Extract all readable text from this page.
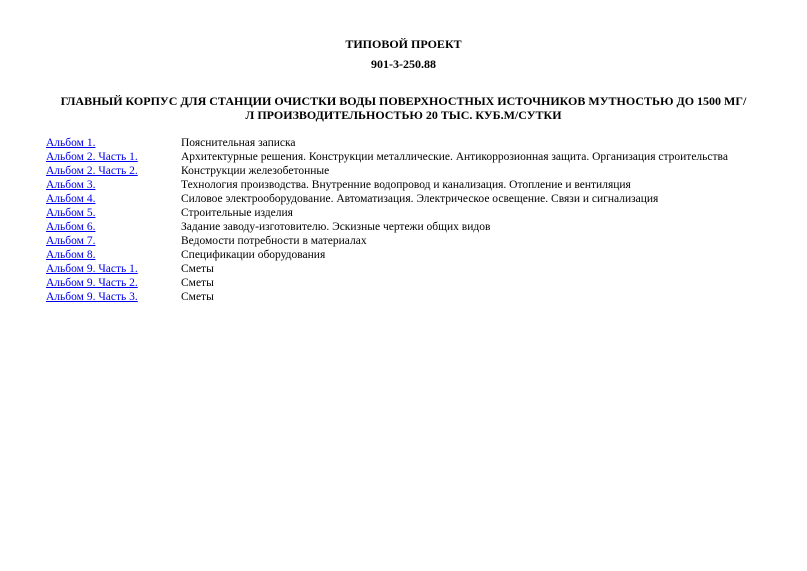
ТИПОВОЙ ПРОЕКТ
901-3-250.88
ГЛАВНЫЙ КОРПУС ДЛЯ СТАНЦИИ ОЧИСТКИ ВОДЫ ПОВЕРХНОСТНЫХ ИСТОЧНИКОВ МУТНОСТЬЮ ДО 1500 МГ/Л ПРОИЗВОДИТЕЛЬНОСТЬЮ 20 ТЫС. КУБ.М/СУТКИ
Альбом 1.	Пояснительная записка
Альбом 2. Часть 1.	Архитектурные решения. Конструкции металлические. Антикоррозионная защита. Организация строительства
Альбом 2. Часть 2.	Конструкции железобетонные
Альбом 3.	Технология производства. Внутренние водопровод и канализация. Отопление и вентиляция
Альбом 4.	Силовое электрооборудование. Автоматизация. Электрическое освещение. Связи и сигнализация
Альбом 5.	Строительные изделия
Альбом 6.	Задание заводу-изготовителю. Эскизные чертежи общих видов
Альбом 7.	Ведомости потребности в материалах
Альбом 8.	Спецификации оборудования
Альбом 9. Часть 1.	Сметы
Альбом 9. Часть 2.	Сметы
Альбом 9. Часть 3.	Сметы
